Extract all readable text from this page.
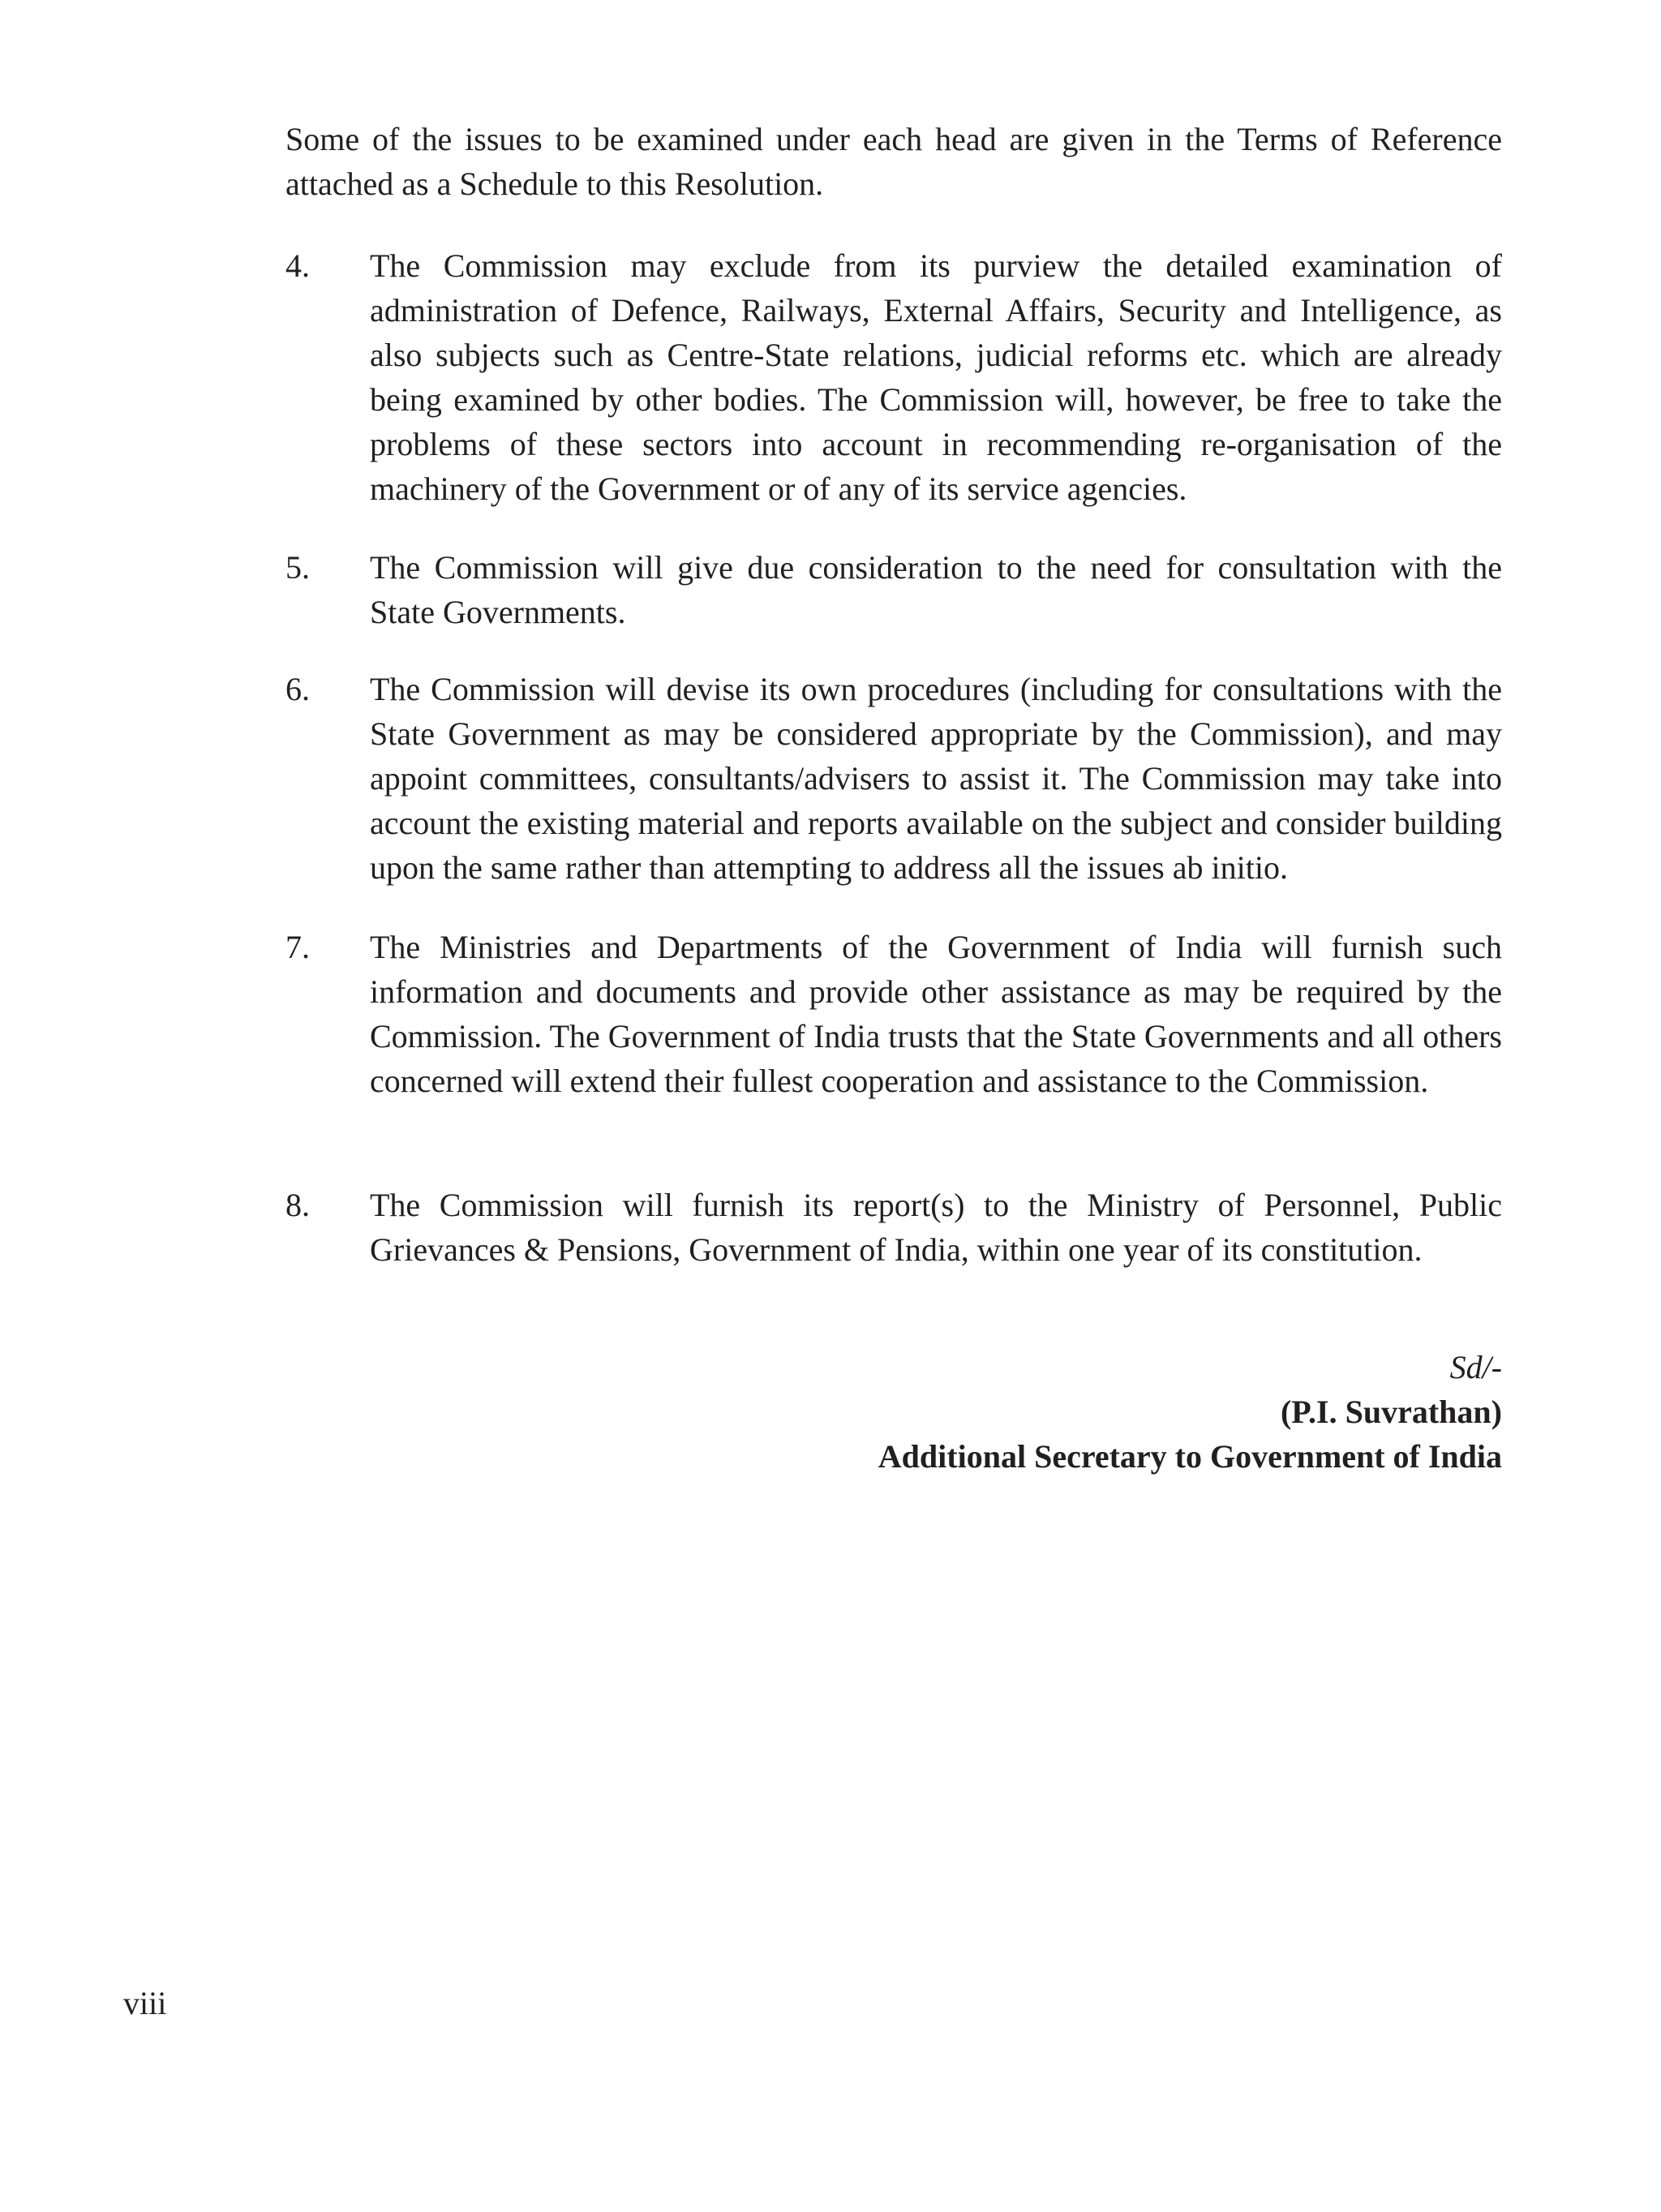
Some of the issues to be examined under each head are given in the Terms of Reference attached as a Schedule to this Resolution.

4.	The Commission may exclude from its purview the detailed examination of administration of Defence, Railways, External Affairs, Security and Intelligence, as also subjects such as Centre-State relations, judicial reforms etc. which are already being examined by other bodies. The Commission will, however, be free to take the problems of these sectors into account in recommending re-organisation of the machinery of the Government or of any of its service agencies.
5.	The Commission will give due consideration to the need for consultation with the State Governments.
6.	The Commission will devise its own procedures (including for consultations with the State Government as may be considered appropriate by the Commission), and may appoint committees, consultants/advisers to assist it. The Commission may take into account the existing material and reports available on the subject and consider building upon the same rather than attempting to address all the issues ab initio.
7.	The Ministries and Departments of the Government of India will furnish such information and documents and provide other assistance as may be required by the Commission. The Government of India trusts that the State Governments and all others concerned will extend their fullest cooperation and assistance to the Commission.
8.	The Commission will furnish its report(s) to the Ministry of Personnel, Public Grievances & Pensions, Government of India, within one year of its constitution.
Sd/-
(P.I. Suvrathan)
Additional Secretary to Government of India
viii
